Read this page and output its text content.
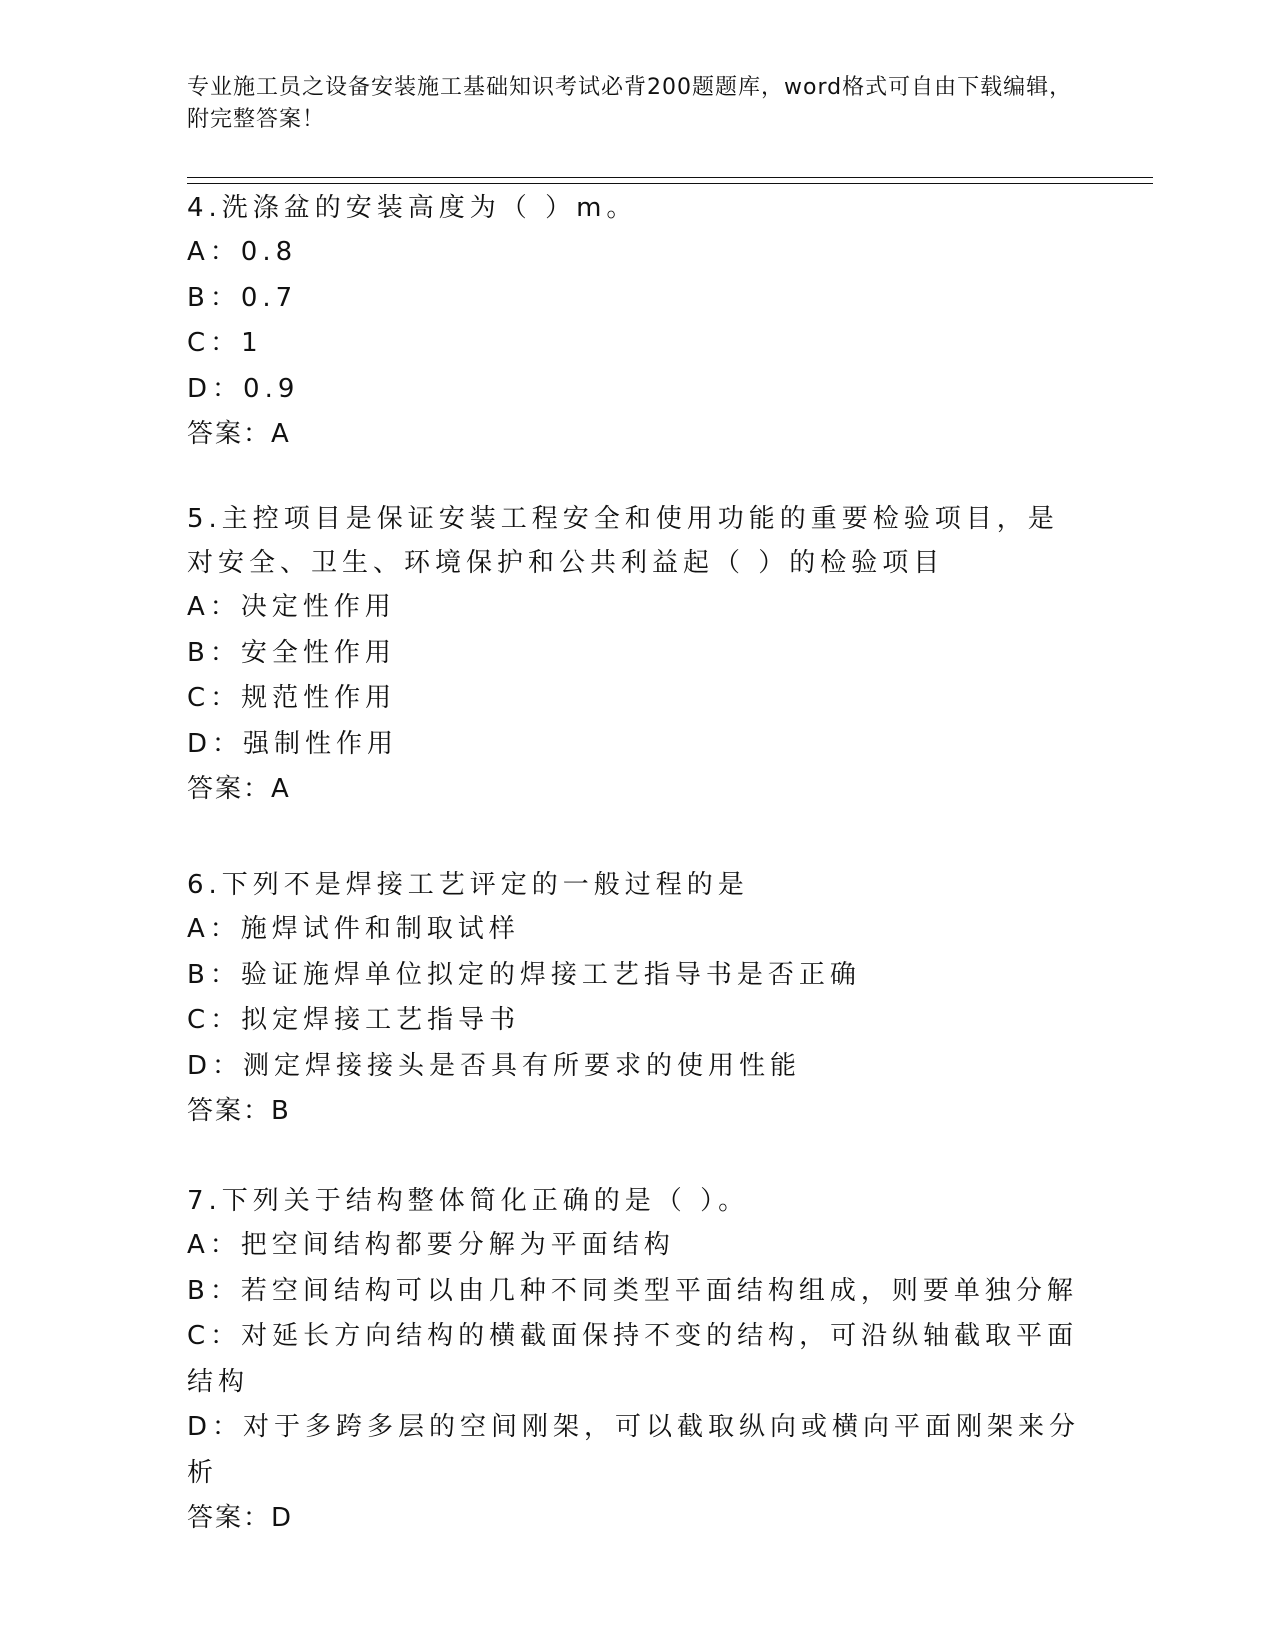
专业施工员之设备安装施工基础知识考试必背200题题库，word格式可自由下载编辑，附完整答案！
4.洗涤盆的安装高度为（ ）m。
A：0.8
B：0.7
C：1
D：0.9
答案：A
5.主控项目是保证安装工程安全和使用功能的重要检验项目，是对安全、卫生、环境保护和公共利益起（ ）的检验项目
A：决定性作用
B：安全性作用
C：规范性作用
D：强制性作用
答案：A
6.下列不是焊接工艺评定的一般过程的是
A：施焊试件和制取试样
B：验证施焊单位拟定的焊接工艺指导书是否正确
C：拟定焊接工艺指导书
D：测定焊接接头是否具有所要求的使用性能
答案：B
7.下列关于结构整体简化正确的是（ ）。
A：把空间结构都要分解为平面结构
B：若空间结构可以由几种不同类型平面结构组成，则要单独分解
C：对延长方向结构的横截面保持不变的结构，可沿纵轴截取平面结构
D：对于多跨多层的空间刚架，可以截取纵向或横向平面刚架来分析
答案：D
